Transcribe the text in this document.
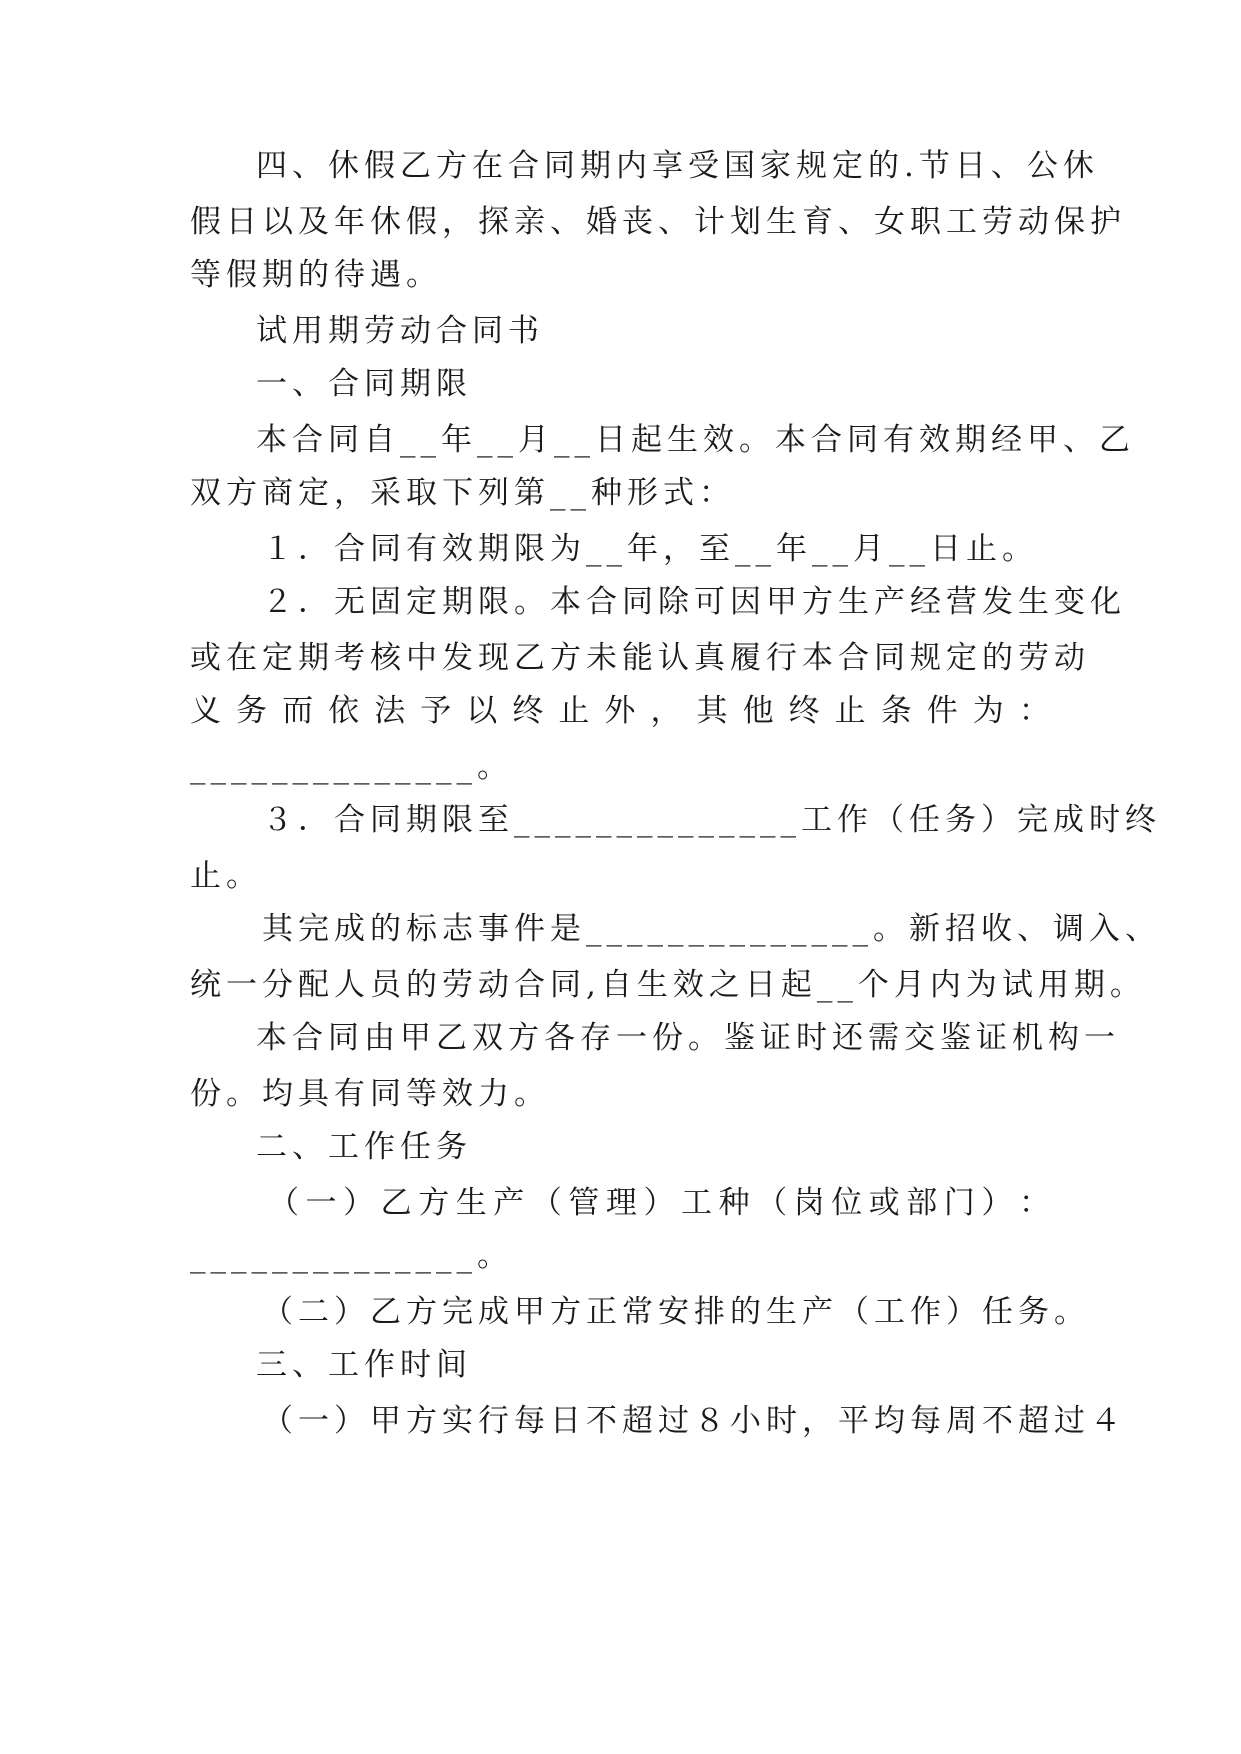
四、休假乙方在合同期内享受国家规定的.节日、公休
假日以及年休假，探亲、婚丧、计划生育、女职工劳动保护
等假期的待遇。
试用期劳动合同书
一、合同期限
本合同自__年__月__日起生效。本合同有效期经甲、乙
双方商定，采取下列第__种形式：
１．合同有效期限为__年，至__年__月__日止。
２．无固定期限。本合同除可因甲方生产经营发生变化
或在定期考核中发现乙方未能认真履行本合同规定的劳动
义 务 而 依 法 予 以 终 止 外 ， 其 他 终 止 条 件 为 ：
______________。
３．合同期限至______________工作（任务）完成时终
止。
其完成的标志事件是______________。新招收、调入、
统一分配人员的劳动合同,自生效之日起__个月内为试用期。
本合同由甲乙双方各存一份。鉴证时还需交鉴证机构一
份。均具有同等效力。
二、工作任务
（ 一 ） 乙 方 生 产 （ 管 理 ） 工 种 （ 岗 位 或 部 门 ） ：
______________。
（二）乙方完成甲方正常安排的生产（工作）任务。
三、工作时间
（一）甲方实行每日不超过８小时，平均每周不超过４
